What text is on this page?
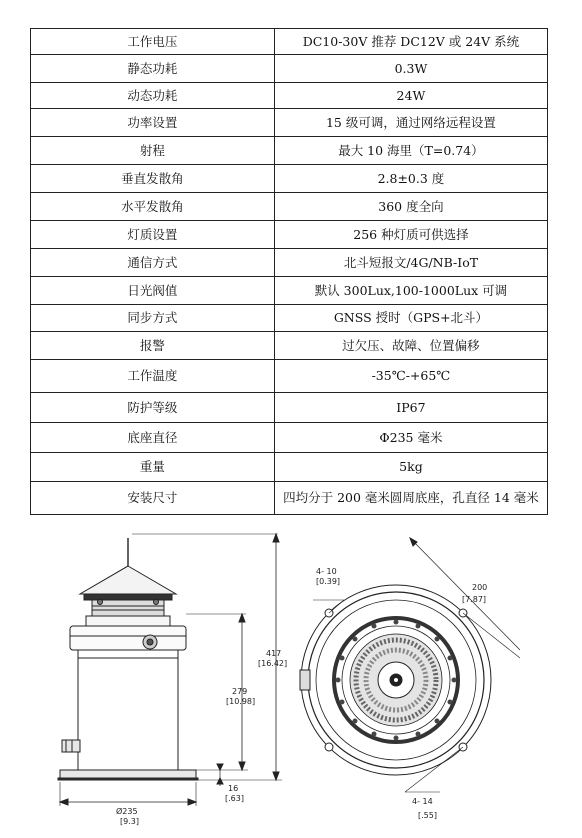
工作电压	DC10-30V 推荐 DC12V 或 24V 系统
静态功耗	0.3W
动态功耗	24W
功率设置	15 级可调，通过网络远程设置
射程	最大 10 海里（T=0.74）
垂直发散角	2.8±0.3 度
水平发散角	360 度全向
灯质设置	256 种灯质可供选择
通信方式	北斗短报文/4G/NB-IoT
日光阀值	默认 300Lux,100-1000Lux 可调
同步方式	GNSS 授时（GPS+北斗）
报警	过欠压、故障、位置偏移
工作温度	-35℃-+65℃
防护等级	IP67
底座直径	Φ235 毫米
重量	5kg
安装尺寸	四均分于 200 毫米圆周底座，孔直径 14 毫米
417
[16.42]
279
[10.98]
16
[.63]
Ø235
[9.3]
4- 10
[0.39]
200
[7.87]
4- 14
[.55]
